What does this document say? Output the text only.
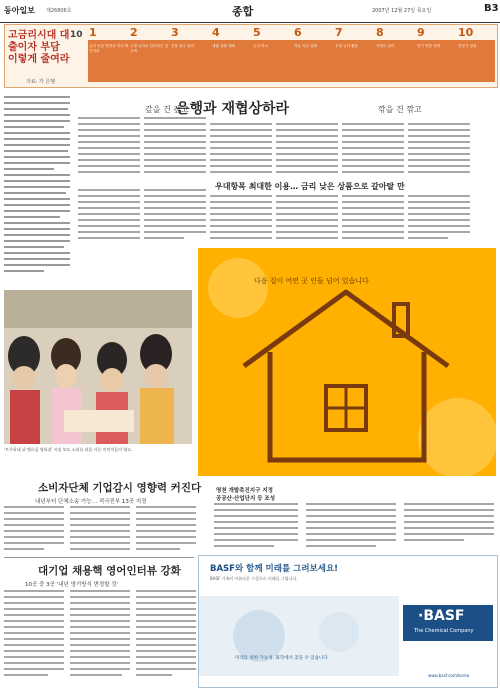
동아일보 제26806호	종합	2007년 12월 27일 목요일	B3
고금리시대 대출이자 부담 이렇게 줄여라
10
자료: 각 은행
1
금리 인상 영향을 미리 확인하라
2
고정 금리로 갈아타는 것 고려
3
신용 점수 관리
4
대출 상환 계획
5
금리 비교
6
여유 자금 상환
7
우대 금리 활용
8
가계부 관리
9
만기 연장 전략
10
전문가 상담
갚을 건 갚고
은행과 재협상하라	깎을 건 깎고
우대항목 최대한 이용… 금리 낮은 상품으로 갈아탈 만
'토주하네 뉘 텔로움 영되쉬' 시설 보도 소리를 과을 사문 어린이들이 영고.
다음 집이 어떤 곳 인들 넘어 있습니다
소비자단체 기업감시 영향력 커진다
내년부터 단체소송 가능… 적극전부 13곳 지정
대기업 채용핵 영어인터뷰 강화
10곳 중 3곳 '내년 영기방식 변경할 것'
영천 개발촉진지구 지정
공공산·산업단지 등 조성
BASF와 함께 미래를 그려보세요!
BASF 가족의 아름다운 그림으로 미래를 그립니다.
미래를 위한 가능성, 화학에서 찾을 수 있습니다
·BASF
The Chemical Company
www.basf.com/korea
